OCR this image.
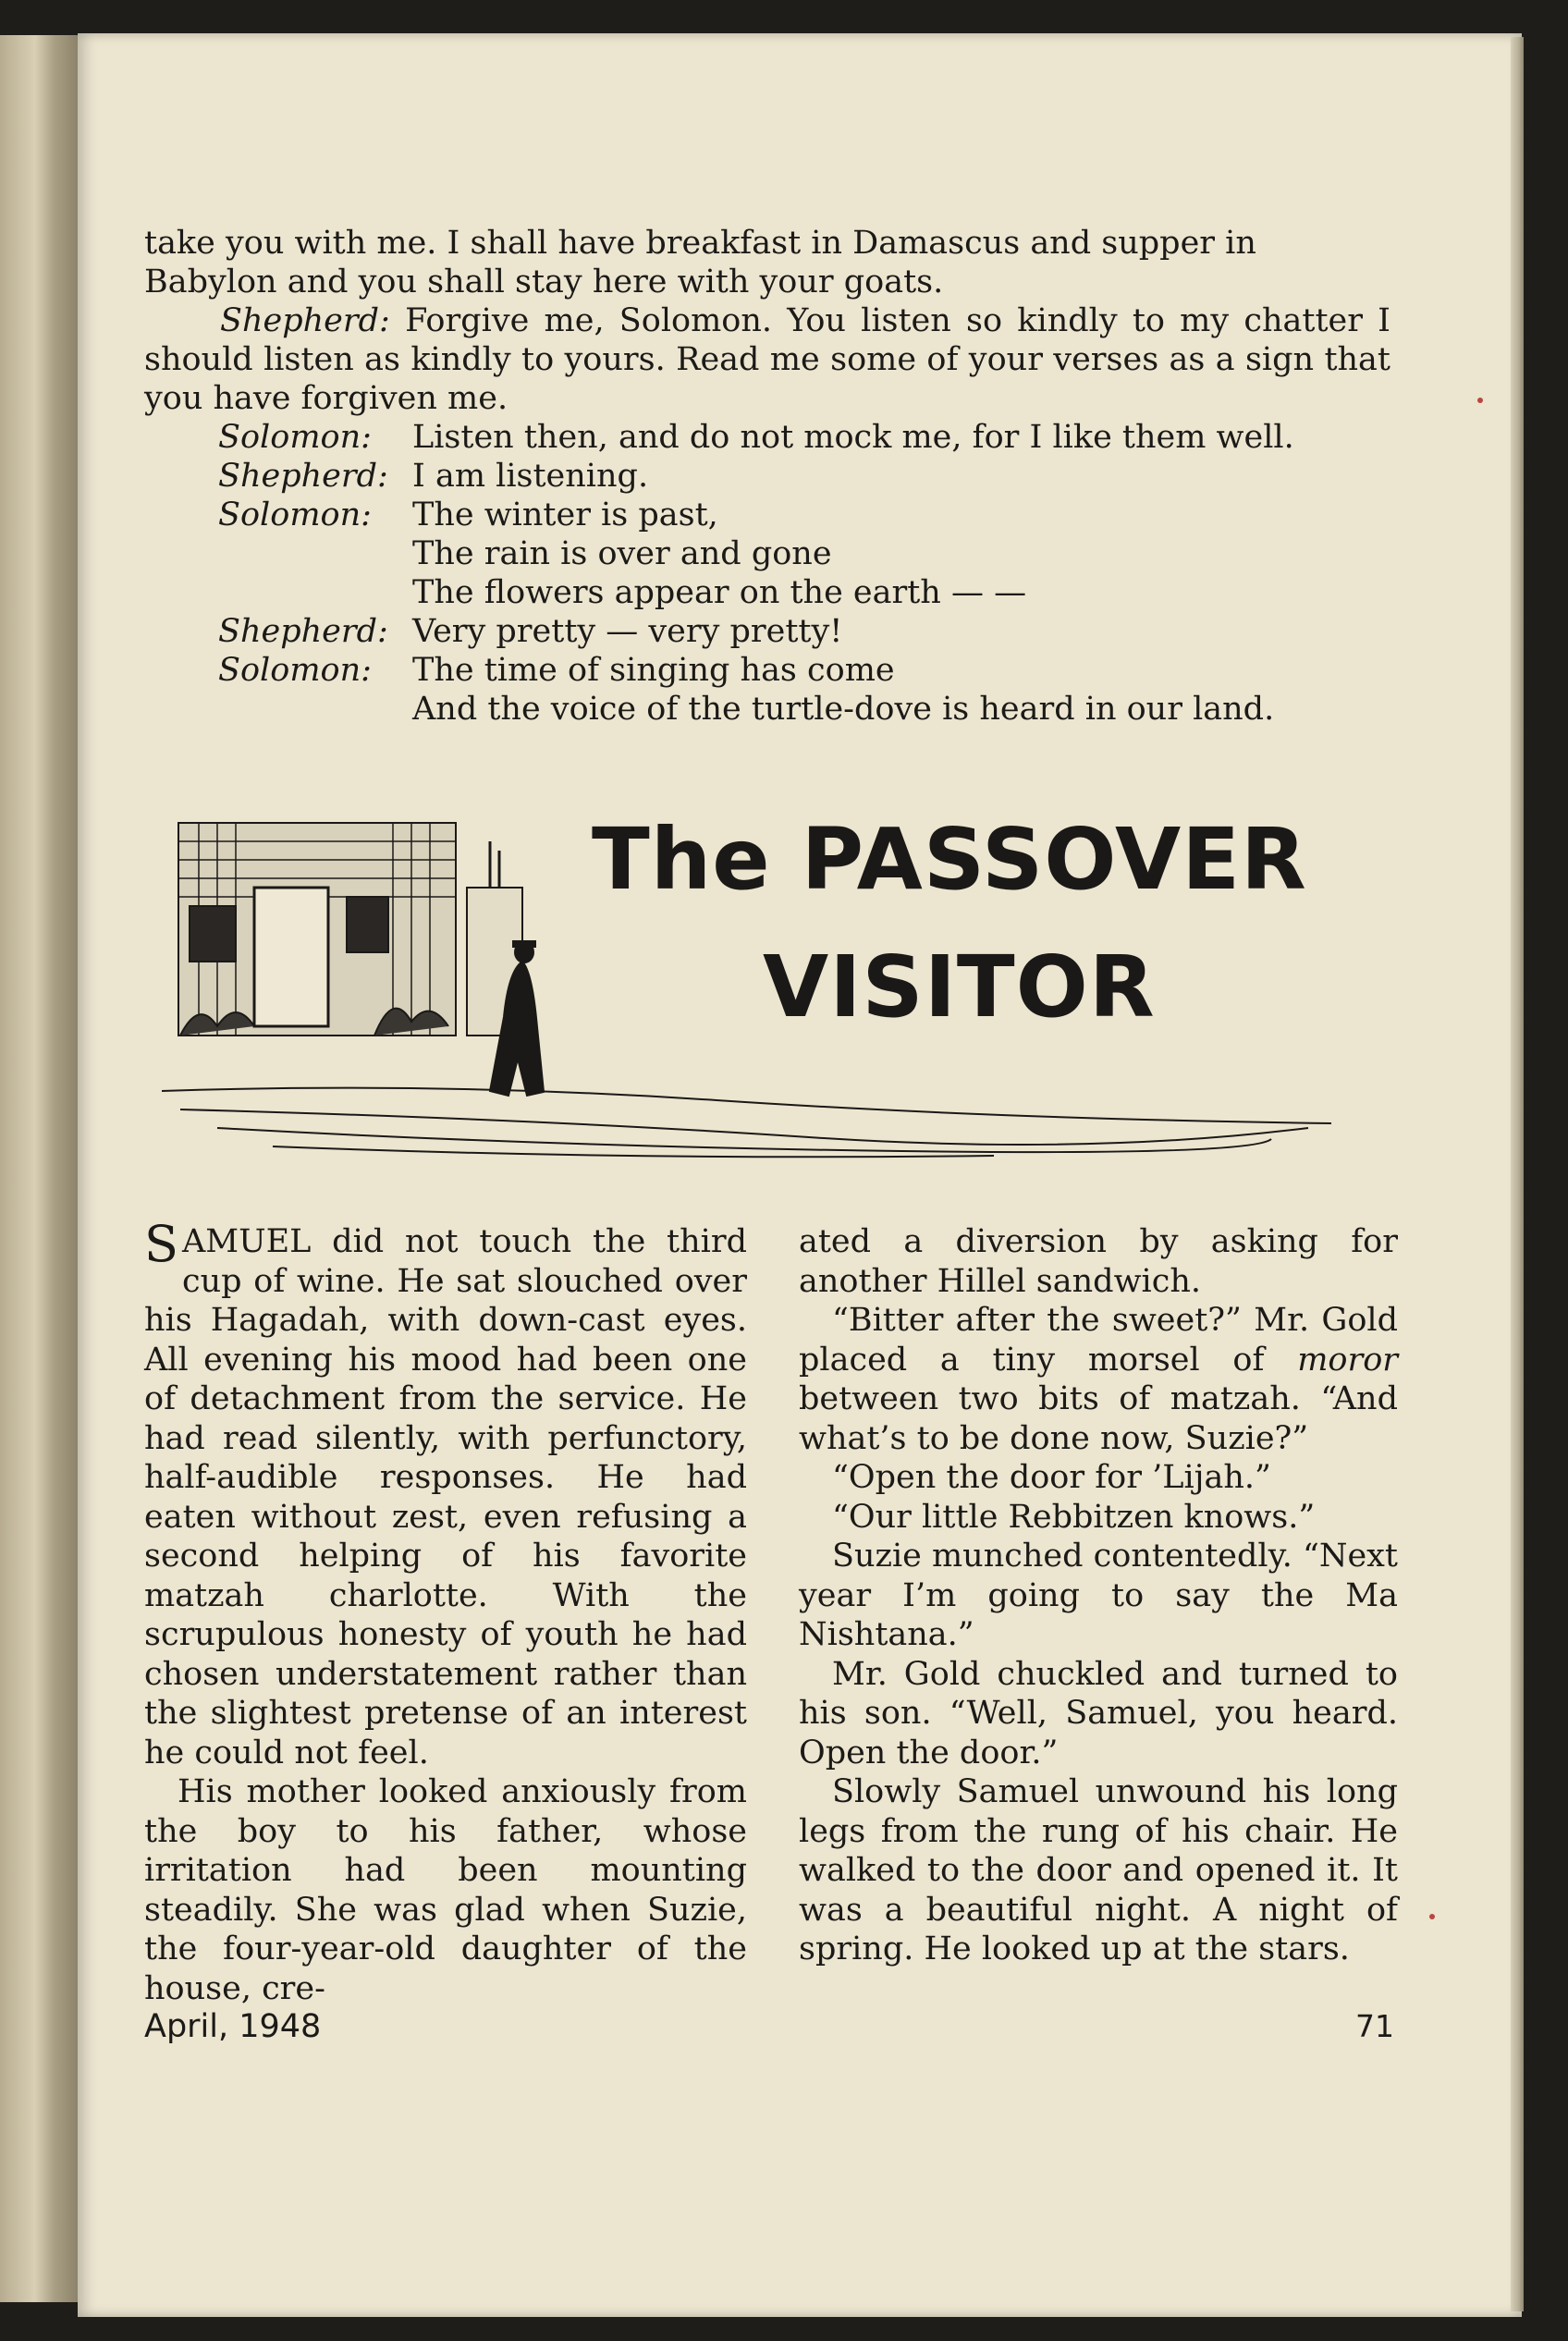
take you with me. I shall have breakfast in Damascus and supper in

Babylon and you shall stay here with your goats.

Shepherd: Forgive me, Solomon. You listen so kindly to my chatter I should listen as kindly to yours. Read me some of your verses as a sign that you have forgiven me.

Solomon:	Listen then, and do not mock me, for I like them well.
Shepherd: I am listening.
Solomon:	The winter is past,
The rain is over and gone
The flowers appear on the earth — —
Shepherd: Very pretty — very pretty!
Solomon:	The time of singing has come
And the voice of the turtle-dove is heard in our land.
The PASSOVER
VISITOR

SAMUEL did not touch the third cup of wine. He sat slouched over his Hagadah, with down-cast eyes. All evening his mood had been one of detachment from the service. He had read silently, with perfunctory, half-audible responses. He had eaten without zest, even refusing a second helping of his favorite matzah charlotte. With the scrupulous honesty of youth he had chosen understatement rather than the slightest pretense of an interest he could not feel.

His mother looked anxiously from the boy to his father, whose irritation had been mounting steadily. She was glad when Suzie, the four-year-old daughter of the house, cre-

ated a diversion by asking for another Hillel sandwich.

“Bitter after the sweet?” Mr. Gold placed a tiny morsel of moror between two bits of matzah. “And what’s to be done now, Suzie?”

“Open the door for ’Lijah.”

“Our little Rebbitzen knows.”

Suzie munched contentedly. “Next year I’m going to say the Ma Nishtana.”

Mr. Gold chuckled and turned to his son. “Well, Samuel, you heard. Open the door.”

Slowly Samuel unwound his long legs from the rung of his chair. He walked to the door and opened it. It was a beautiful night. A night of spring. He looked up at the stars.

April, 1948	71
